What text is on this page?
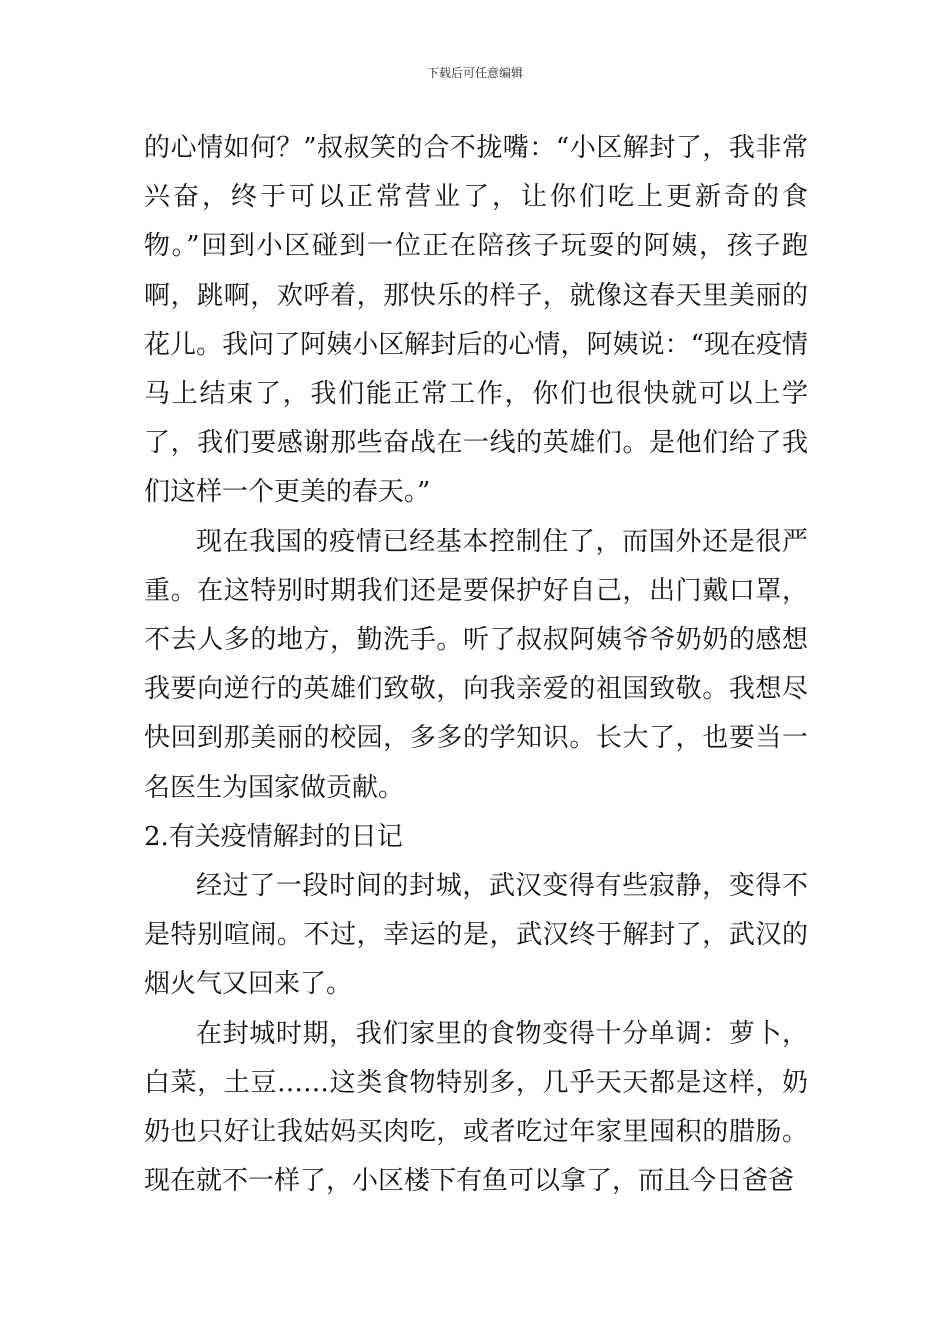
下载后可任意编辑

的心情如何？”叔叔笑的合不拢嘴：“小区解封了，我非常兴奋，终于可以正常营业了，让你们吃上更新奇的食物。”回到小区碰到一位正在陪孩子玩耍的阿姨，孩子跑啊，跳啊，欢呼着，那快乐的样子，就像这春天里美丽的花儿。我问了阿姨小区解封后的心情，阿姨说：“现在疫情马上结束了，我们能正常工作，你们也很快就可以上学了，我们要感谢那些奋战在一线的英雄们。是他们给了我们这样一个更美的春天。”

现在我国的疫情已经基本控制住了，而国外还是很严重。在这特别时期我们还是要保护好自己，出门戴口罩，不去人多的地方，勤洗手。听了叔叔阿姨爷爷奶奶的感想我要向逆行的英雄们致敬，向我亲爱的祖国致敬。我想尽快回到那美丽的校园，多多的学知识。长大了，也要当一名医生为国家做贡献。

2.有关疫情解封的日记

经过了一段时间的封城，武汉变得有些寂静，变得不是特别喧闹。不过，幸运的是，武汉终于解封了，武汉的烟火气又回来了。

在封城时期，我们家里的食物变得十分单调：萝卜，白菜，土豆……这类食物特别多，几乎天天都是这样，奶奶也只好让我姑妈买肉吃，或者吃过年家里囤积的腊肠。现在就不一样了，小区楼下有鱼可以拿了，而且今日爸爸
